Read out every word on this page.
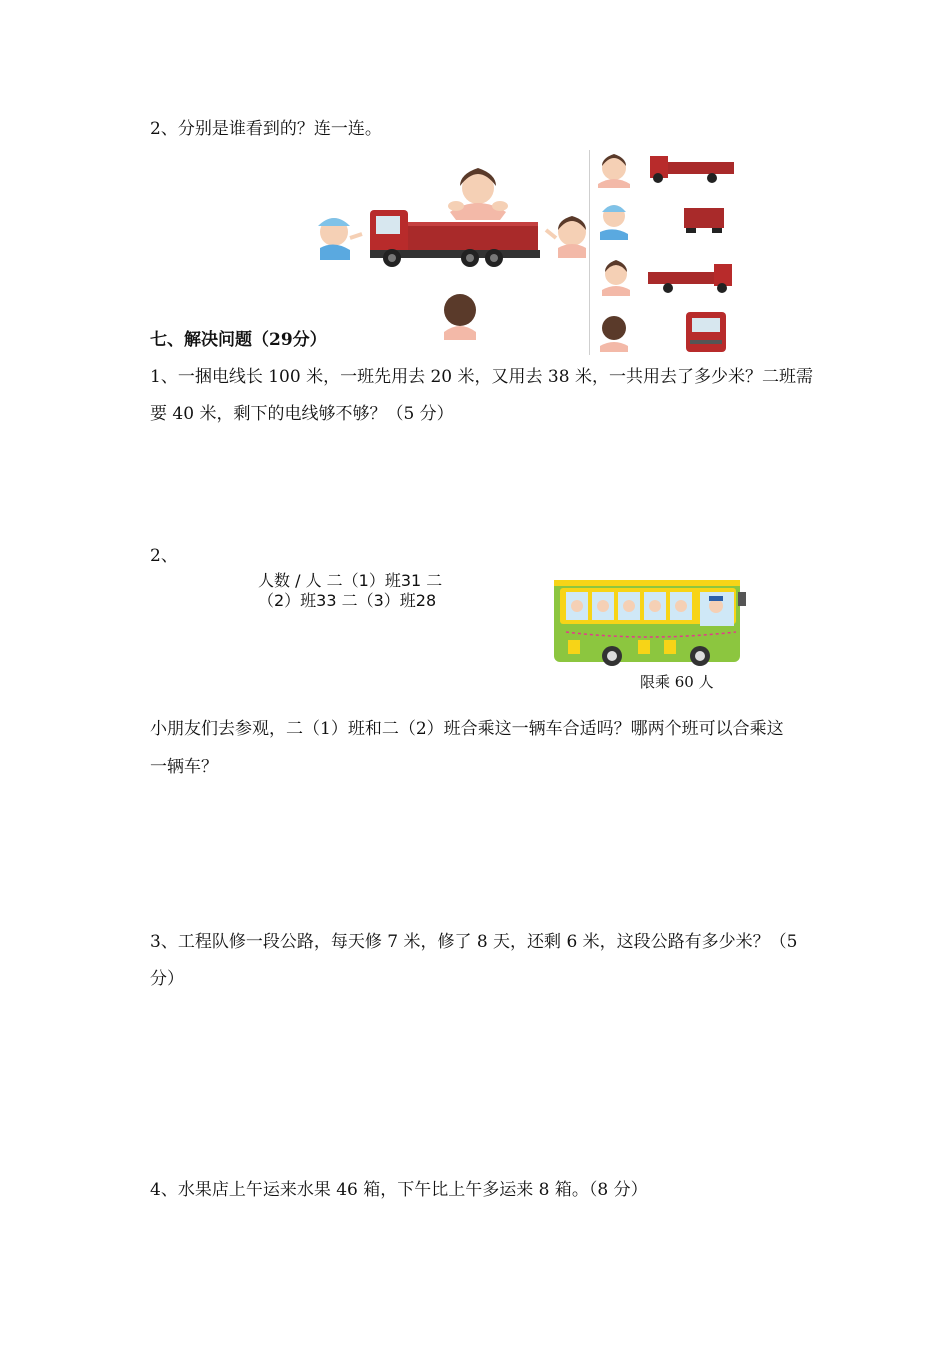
2、分别是谁看到的？连一连。
七、解决问题（29分）
1、一捆电线长 100 米，一班先用去 20 米，又用去 38 米，一共用去了多少米？二班需
要 40 米，剩下的电线够不够？（5 分）
2、
人数 / 人 二（1）班31 二
（2）班33 二（3）班28
限乘 60 人
小朋友们去参观，二（1）班和二（2）班合乘这一辆车合适吗？哪两个班可以合乘这
一辆车？
3、工程队修一段公路，每天修 7 米，修了 8 天，还剩 6 米，这段公路有多少米？（5
分）
4、水果店上午运来水果 46 箱，下午比上午多运来 8 箱。（8 分）
